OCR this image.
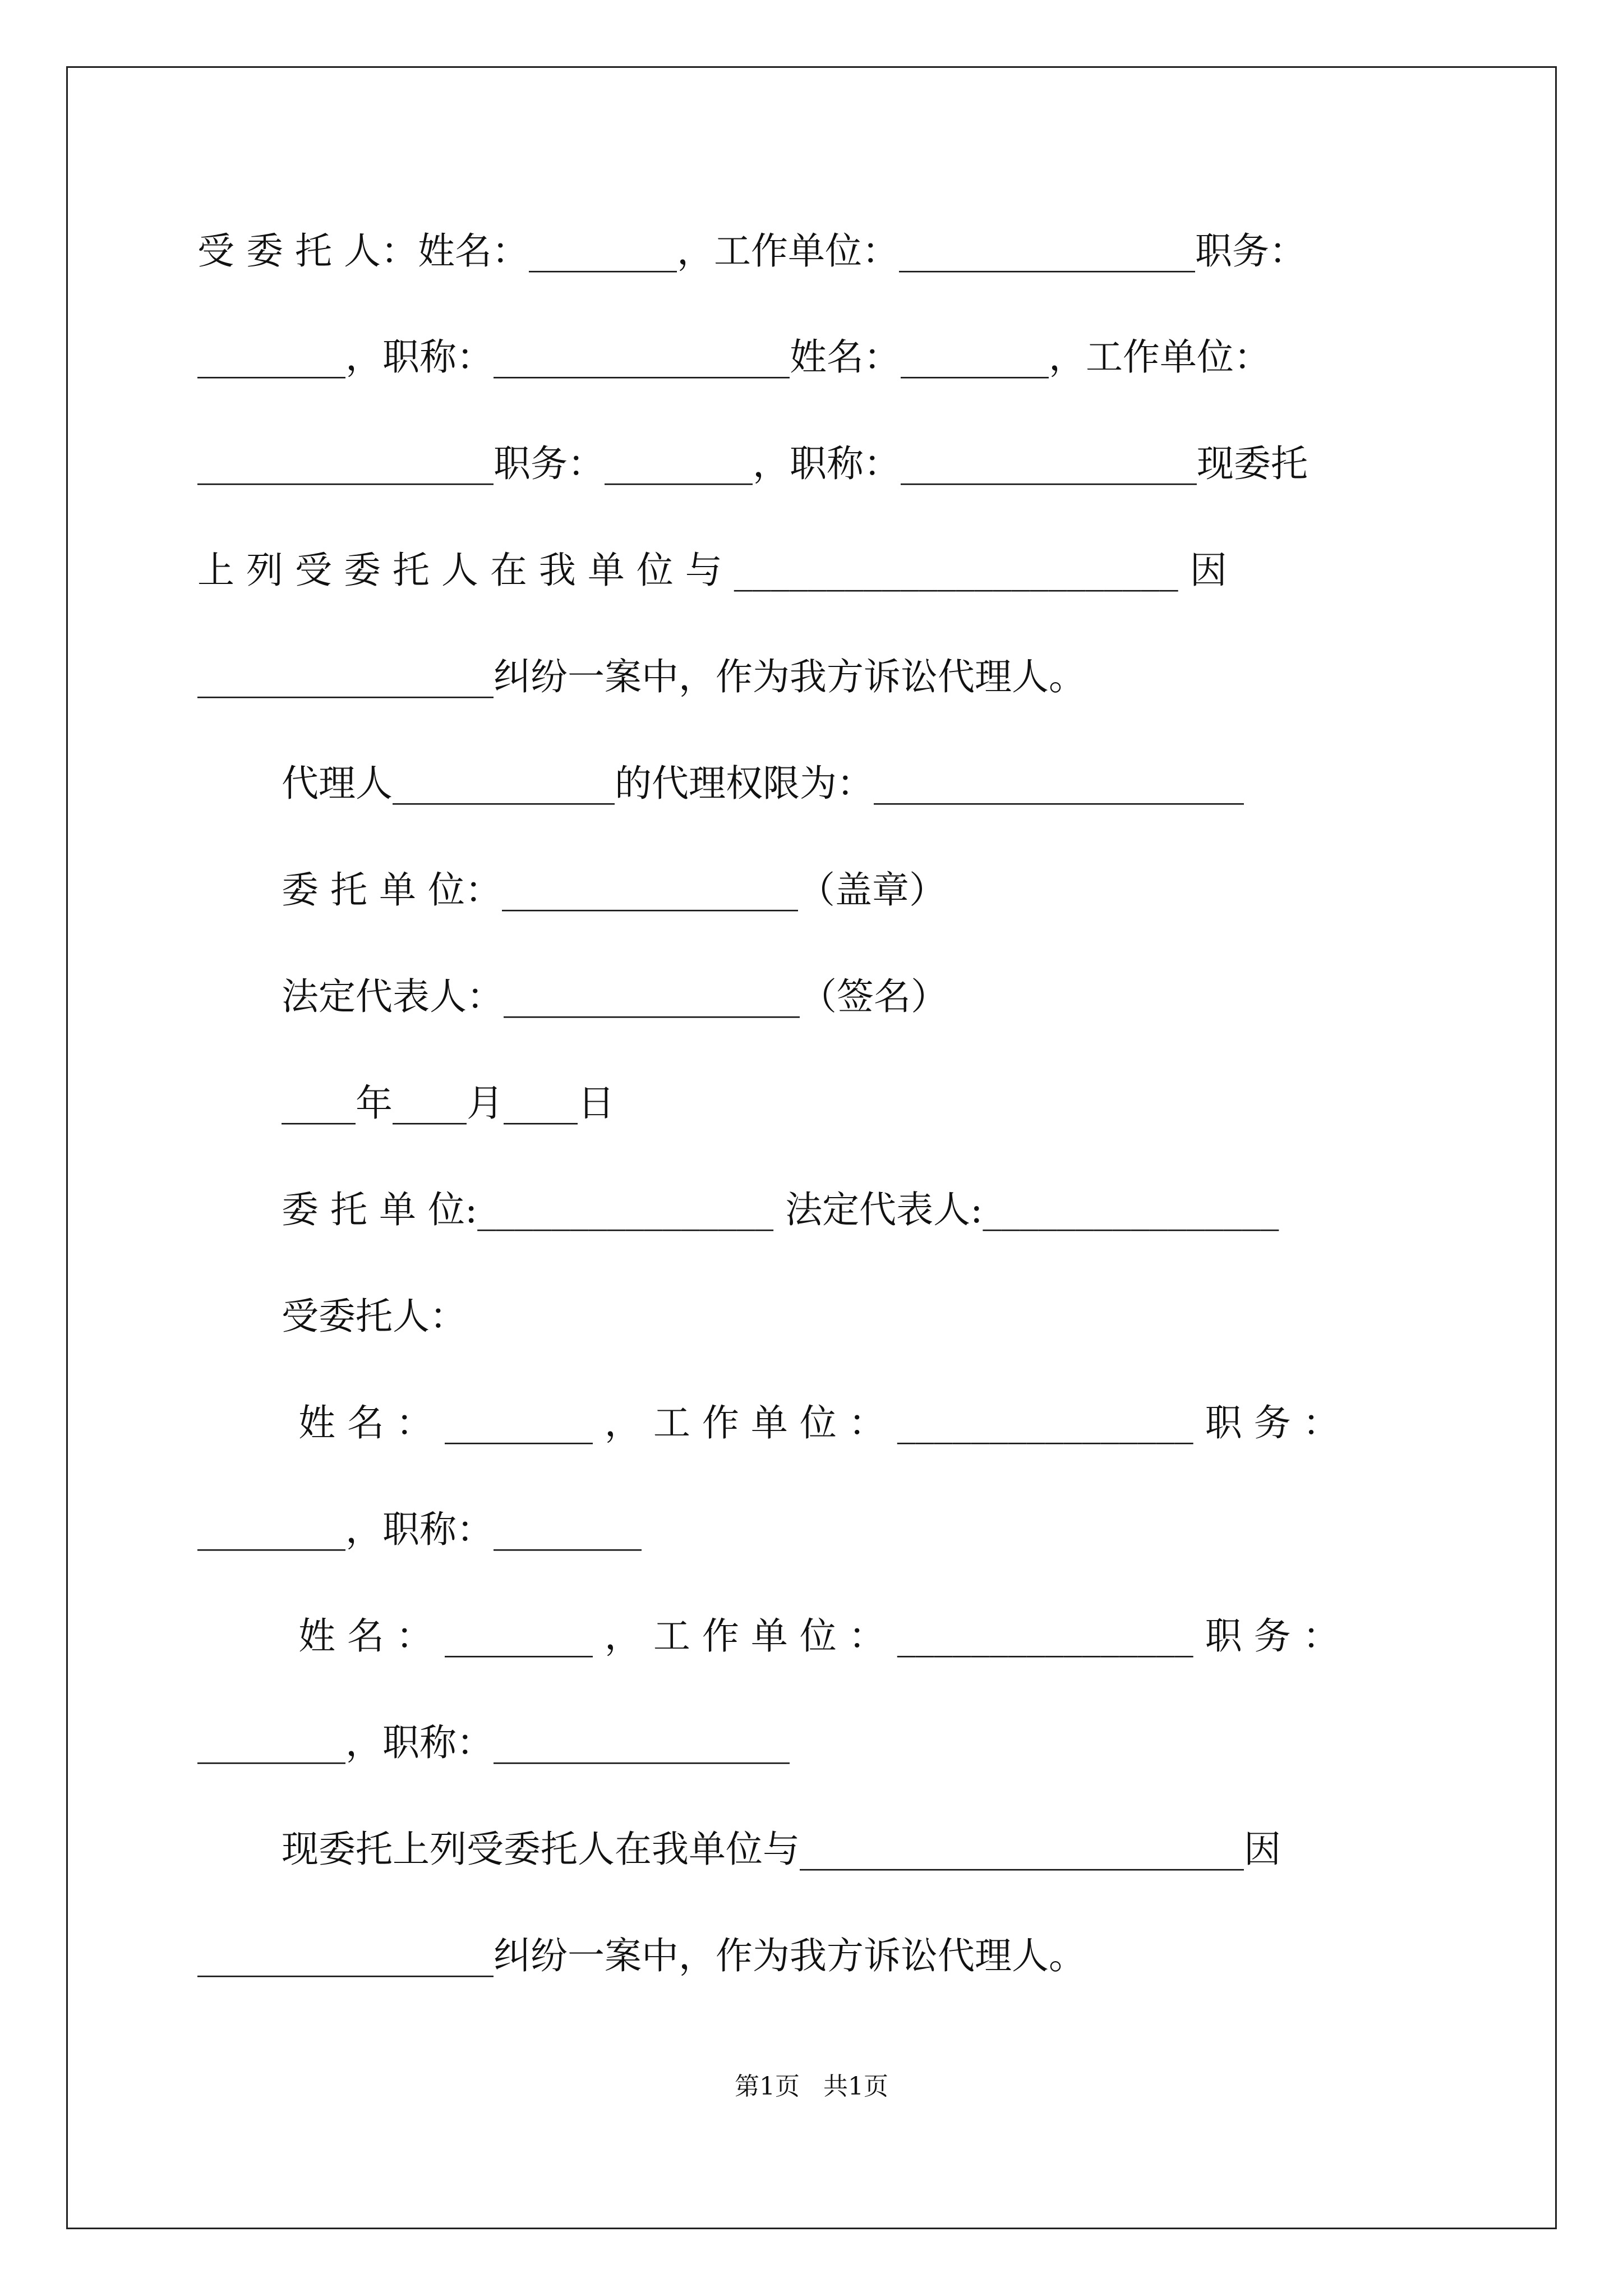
受 委 托 人：姓名：________，工作单位：________________职务：
________，职称：________________姓名：________，工作单位：
________________职务：________，职称：________________现委托
上 列 受 委 托 人 在 我 单 位 与 ________________________ 因
________________纠纷一案中，作为我方诉讼代理人。
代理人____________的代理权限为：____________________
委 托 单 位：________________（盖章）
法定代表人：________________（签名）
____年____月____日
委 托 单 位:________________ 法定代表人:________________
受委托人：
姓 名 ： ________ ， 工 作 单 位 ： ________________ 职 务 ：
________，职称：________
姓 名 ： ________ ， 工 作 单 位 ： ________________ 职 务 ：
________，职称：________________
现委托上列受委托人在我单位与________________________因
________________纠纷一案中，作为我方诉讼代理人。
第1页   共1页
